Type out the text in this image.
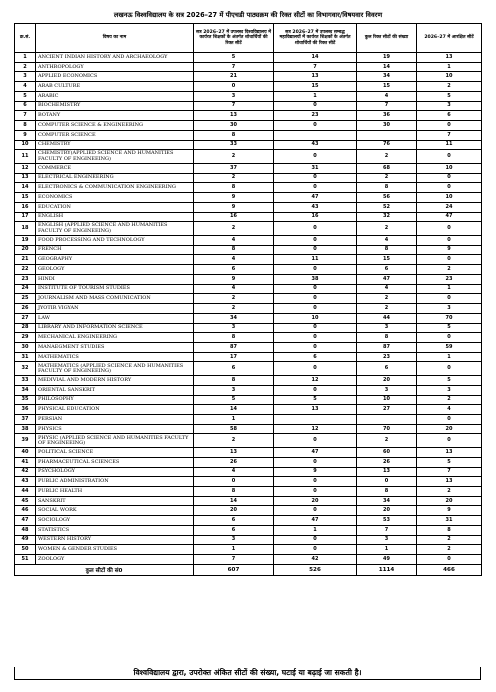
लखनऊ विश्वविद्यालय के सत्र 2026–27 में पीएचडी पाठ्यक्रम की रिक्त सीटों का विभागवार/विषयवार विवरण
क्र.सं.	विषय का नाम	सत्र 2026–27 में उपलब्ध विश्वविद्यालय में कार्यरत शिक्षकों के अंतर्गत शोधार्थियों की रिक्त सीटें	सत्र 2026–27 में उपलब्ध सम्बद्ध महाविद्यालयों में कार्यरत शिक्षकों के अंतर्गत शोधार्थियों की रिक्त सीटें	कुल रिक्त सीटों की संख्या	2026–27 में आरक्षित सीटें
1	ANCIENT INDIAN HISTORY AND ARCHAEOLOGY	5	14	19	13
2	ANTHROPOLOGY	7	7	14	1
3	APPLIED ECONOMICS	21	13	34	10
4	ARAB CULTURE	0	15	15	2
5	ARABIC	3	1	4	5
6	BIOCHEMISTRY	7	0	7	3
7	BOTANY	13	23	36	6
8	COMPUTER SCIENCE & ENGINEERING	30	0	30	0
9	COMPUTER SCIENCE	8			7
10	CHEMISTRY	33	43	76	11
11	CHEMISTRY(APPLIED SCIENCE AND HUMANITIES FACULTY OF ENGINEEING)	2	0	2	0
12	COMMERCE	37	31	68	10
13	ELECTRICAL ENGINEERING	2	0	2	0
14	ELECTRONICS & COMMUNICATION ENGINEERING	8	0	8	0
15	ECONOMICS	9	47	56	10
16	EDUCATION	9	43	52	24
17	ENGLISH	16	16	32	47
18	ENGLISH (APPLIED SCIENCE AND HUMANITIES FACULTY OF ENGINEEING)	2	0	2	0
19	FOOD PROCESSING AND TECHNOLOGY	4	0	4	0
20	FRENCH	8	0	8	9
21	GEOGRAPHY	4	11	15	0
22	GEOLOGY	6	0	6	2
23	HINDI	9	38	47	23
24	INSTITUTE OF TOURISM STUDIES	4	0	4	1
25	JOURNALISM AND MASS COMUNICATION	2	0	2	0
26	JYOTIR VIGYAN	2	0	2	3
27	LAW	34	10	44	70
28	LIBRARY AND INFORMATION SCIENCE	3	0	3	5
29	MECHANICAL ENGINEERING	8	0	8	0
30	MANAEGMENT STUDIES	87	0	87	59
31	MATHEMATICS	17	6	23	1
32	MATHEMATICS (APPLIED SCIENCE AND HUMANITIES FACULTY OF ENGINEEING)	6	0	6	0
33	MEDIVIAL AND MODERN HISTORY	8	12	20	5
34	ORIENTAL SANSKRIT	3	0	3	3
35	PHILOSOPHY	5	5	10	2
36	PHYSICAL EDUCATION	14	13	27	4
37	PERSIAN	1			0
38	PHYSICS	58	12	70	20
39	PHYSIC (APPLIED SCIENCE AND HUMANITIES FACULTY OF ENGINEEING)	2	0	2	0
40	POLITICAL SCIENCE	13	47	60	13
41	PHARMACEUTICAL SCIENCES	26	0	26	5
42	PSYCHOLOGY	4	9	13	7
43	PUBLIC ADMINISTRATION	0	0	0	13
44	PUBLIC HEALTH	8	0	8	2
45	SANSKRIT	14	20	34	20
46	SOCIAL WORK	20	0	20	9
47	SOCIOLOGY	6	47	53	31
48	STATISTICS	6	1	7	8
49	WESTERN HISTORY	3	0	3	2
50	WOMEN & GENDER STUDIES	1	0	1	2
51	ZOOLOGY	7	42	49	0
कुल सीटों की सं0		607	526	1114	466
विश्वविद्यालय द्वारा, उपरोक्त अंकित सीटों की संख्या, घटाई या बढ़ाई जा सकती है।
